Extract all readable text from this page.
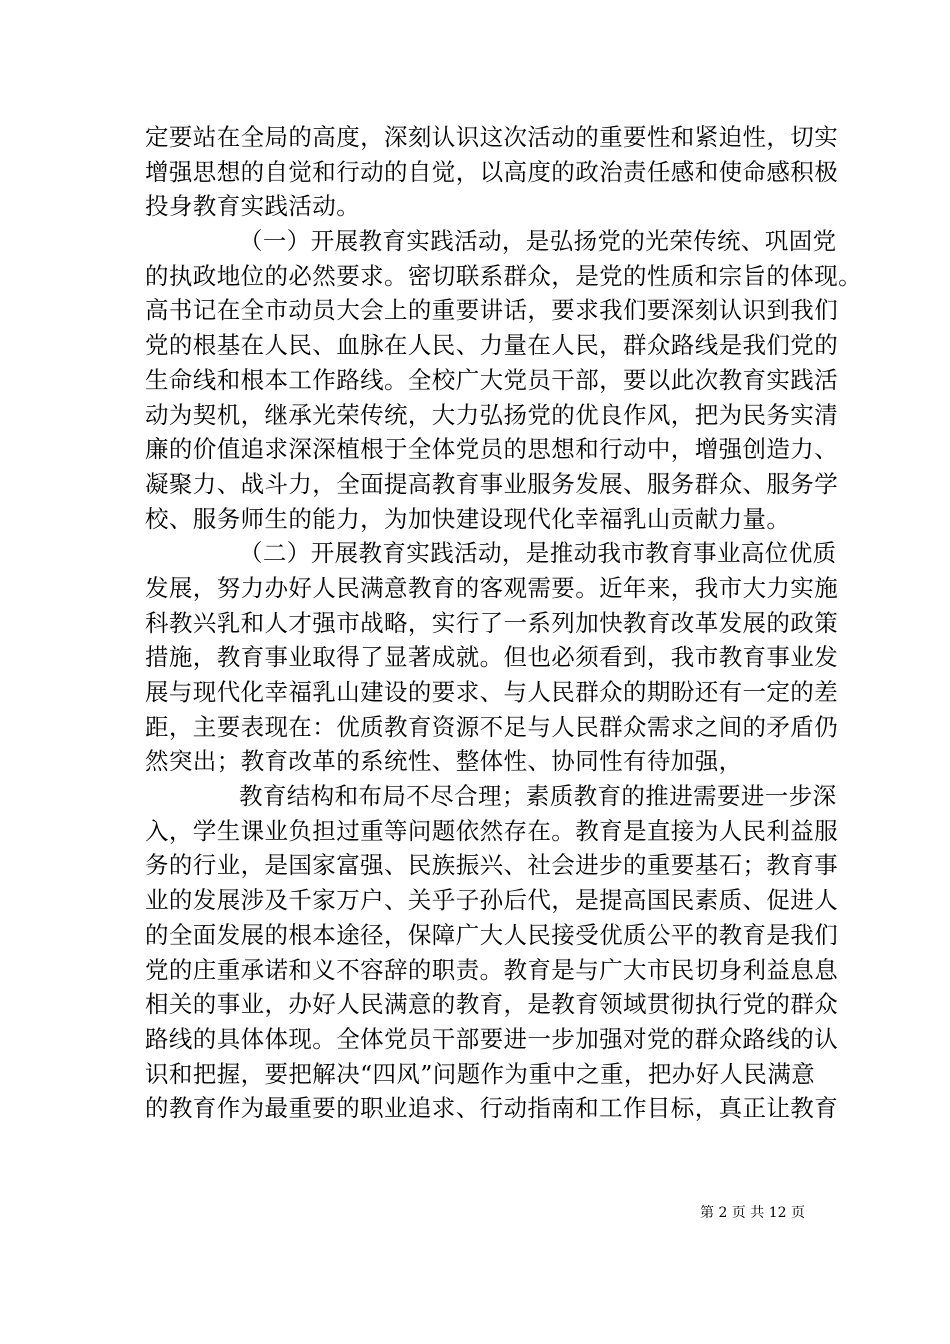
定要站在全局的高度，深刻认识这次活动的重要性和紧迫性，切实
增强思想的自觉和行动的自觉，以高度的政治责任感和使命感积极
投身教育实践活动。
（一）开展教育实践活动，是弘扬党的光荣传统、巩固党
的执政地位的必然要求。密切联系群众，是党的性质和宗旨的体现。
高书记在全市动员大会上的重要讲话，要求我们要深刻认识到我们
党的根基在人民、血脉在人民、力量在人民，群众路线是我们党的
生命线和根本工作路线。全校广大党员干部，要以此次教育实践活
动为契机，继承光荣传统，大力弘扬党的优良作风，把为民务实清
廉的价值追求深深植根于全体党员的思想和行动中，增强创造力、
凝聚力、战斗力，全面提高教育事业服务发展、服务群众、服务学
校、服务师生的能力，为加快建设现代化幸福乳山贡献力量。
（二）开展教育实践活动，是推动我市教育事业高位优质
发展，努力办好人民满意教育的客观需要。近年来，我市大力实施
科教兴乳和人才强市战略，实行了一系列加快教育改革发展的政策
措施，教育事业取得了显著成就。但也必须看到，我市教育事业发
展与现代化幸福乳山建设的要求、与人民群众的期盼还有一定的差
距，主要表现在：优质教育资源不足与人民群众需求之间的矛盾仍
然突出；教育改革的系统性、整体性、协同性有待加强，
教育结构和布局不尽合理；素质教育的推进需要进一步深
入，学生课业负担过重等问题依然存在。教育是直接为人民利益服
务的行业，是国家富强、民族振兴、社会进步的重要基石；教育事
业的发展涉及千家万户、关乎子孙后代，是提高国民素质、促进人
的全面发展的根本途径，保障广大人民接受优质公平的教育是我们
党的庄重承诺和义不容辞的职责。教育是与广大市民切身利益息息
相关的事业，办好人民满意的教育，是教育领域贯彻执行党的群众
路线的具体体现。全体党员干部要进一步加强对党的群众路线的认
识和把握，要把解决“四风”问题作为重中之重，把办好人民满意
的教育作为最重要的职业追求、行动指南和工作目标，真正让教育
第 2 页 共 12 页
